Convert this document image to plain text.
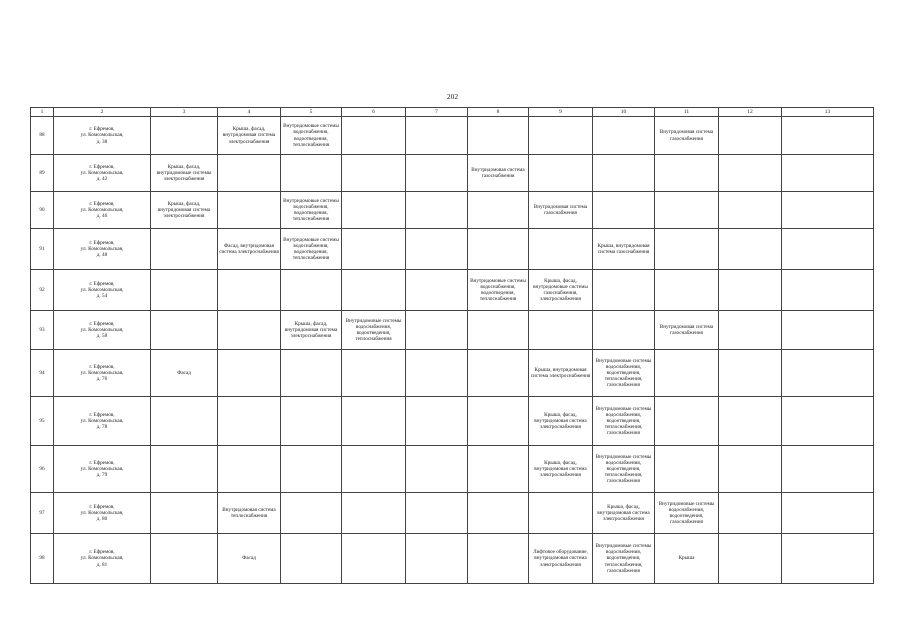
202
1	2	3	4	5	6	7	8	9	10	11	12	13
88	г. Ефремов,
ул. Комсомольская,
д. 38		Крыша, фасад, внутридомовая система электроснабжения	Внутридомовые системы водоснабжения, водоотведения, теплоснабжения						Внутридомовая система газоснабжения		
89	г. Ефремов,
ул. Комсомольская,
д. 42	Крыша, фасад, внутридомовые системы электроснабжения					Внутридомовая система газоснабжения					
90	г. Ефремов,
ул. Комсомольская,
д. 46	Крыша, фасад, внутридомовая система электроснабжения		Внутридомовые системы водоснабжения, водоотведения, теплоснабжения				Внутридомовая система газоснабжения				
91	г. Ефремов,
ул. Комсомольская,
д. 48		Фасад, внутридомовая система электроснабжения	Внутридомовые системы водоснабжения, водоотведения, теплоснабжения					Крыша, внутридомовая система газоснабжения			
92	г. Ефремов,
ул. Комсомольская,
д. 54						Внутридомовые системы водоснабжения, водоотведения, теплоснабжения	Крыша, фасад, внутридомовые системы газоснабжения, электроснабжения				
93	г. Ефремов,
ул. Комсомольская,
д. 58			Крыша, фасад, внутридомовая система электроснабжения	Внутридомовые системы водоснабжения, водоотведения, теплоснабжения					Внутридомовая система газоснабжения		
94	г. Ефремов,
ул. Комсомольская,
д. 76	Фасад						Крыша, внутридомовая система электроснабжения	Внутридомовые системы водоснабжения, водоотведения, теплоснабжения, газоснабжения			
95	г. Ефремов,
ул. Комсомольская,
д. 78							Крыша, фасад, внутридомовая система электроснабжения	Внутридомовые системы водоснабжения, водоотведения, теплоснабжения, газоснабжения			
96	г. Ефремов,
ул. Комсомольская,
д. 79							Крыша, фасад, внутридомовая система электроснабжения	Внутридомовые системы водоснабжения, водоотведения, теплоснабжения, газоснабжения			
97	г. Ефремов,
ул. Комсомольская,
д. 80		Внутридомовая система теплоснабжения						Крыша, фасад, внутридомовая система электроснабжения	Внутридомовые системы водоснабжения, водоотведения, газоснабжения		
98	г. Ефремов,
ул. Комсомольская,
д. 81		Фасад					Лифтовое оборудование, внутридомовая система электроснабжения	Внутридомовые системы водоснабжения, водоотведения, теплоснабжения, газоснабжения	Крыша		
